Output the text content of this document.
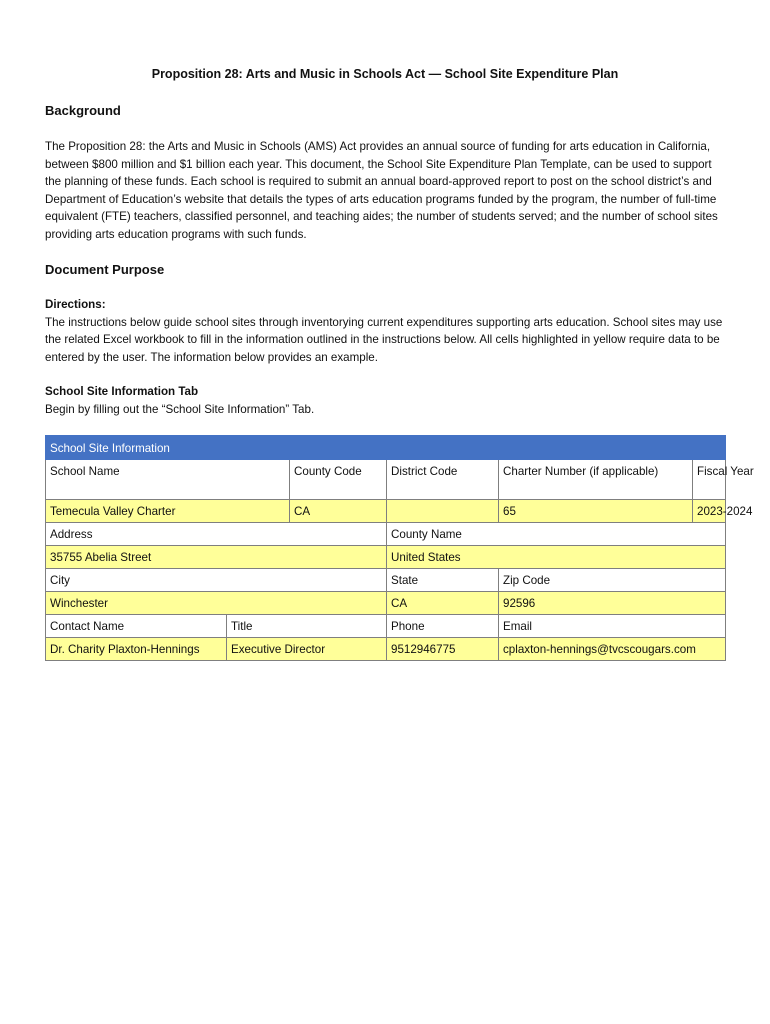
Proposition 28: Arts and Music in Schools Act — School Site Expenditure Plan
Background
The Proposition 28: the Arts and Music in Schools (AMS) Act provides an annual source of funding for arts education in California, between $800 million and $1 billion each year. This document, the School Site Expenditure Plan Template, can be used to support the planning of these funds. Each school is required to submit an annual board-approved report to post on the school district’s and Department of Education’s website that details the types of arts education programs funded by the program, the number of full-time equivalent (FTE) teachers, classified personnel, and teaching aides; the number of students served; and the number of school sites providing arts education programs with such funds.
Document Purpose
Directions:
The instructions below guide school sites through inventorying current expenditures supporting arts education. School sites may use the related Excel workbook to fill in the information outlined in the instructions below. All cells highlighted in yellow require data to be entered by the user. The information below provides an example.
School Site Information Tab
Begin by filling out the “School Site Information” Tab.
School Site Information					
School Name		County Code	District Code	Charter Number (if applicable)	Fiscal Year
Temecula Valley Charter		CA		65	2023-2024
Address			County Name		
35755 Abelia Street			United States		
City			State	Zip Code	
Winchester			CA	92596	
Contact Name	Title		Phone	Email	
Dr. Charity Plaxton-Hennings	Executive Director		9512946775	cplaxton-hennings@tvcscougars.com	
